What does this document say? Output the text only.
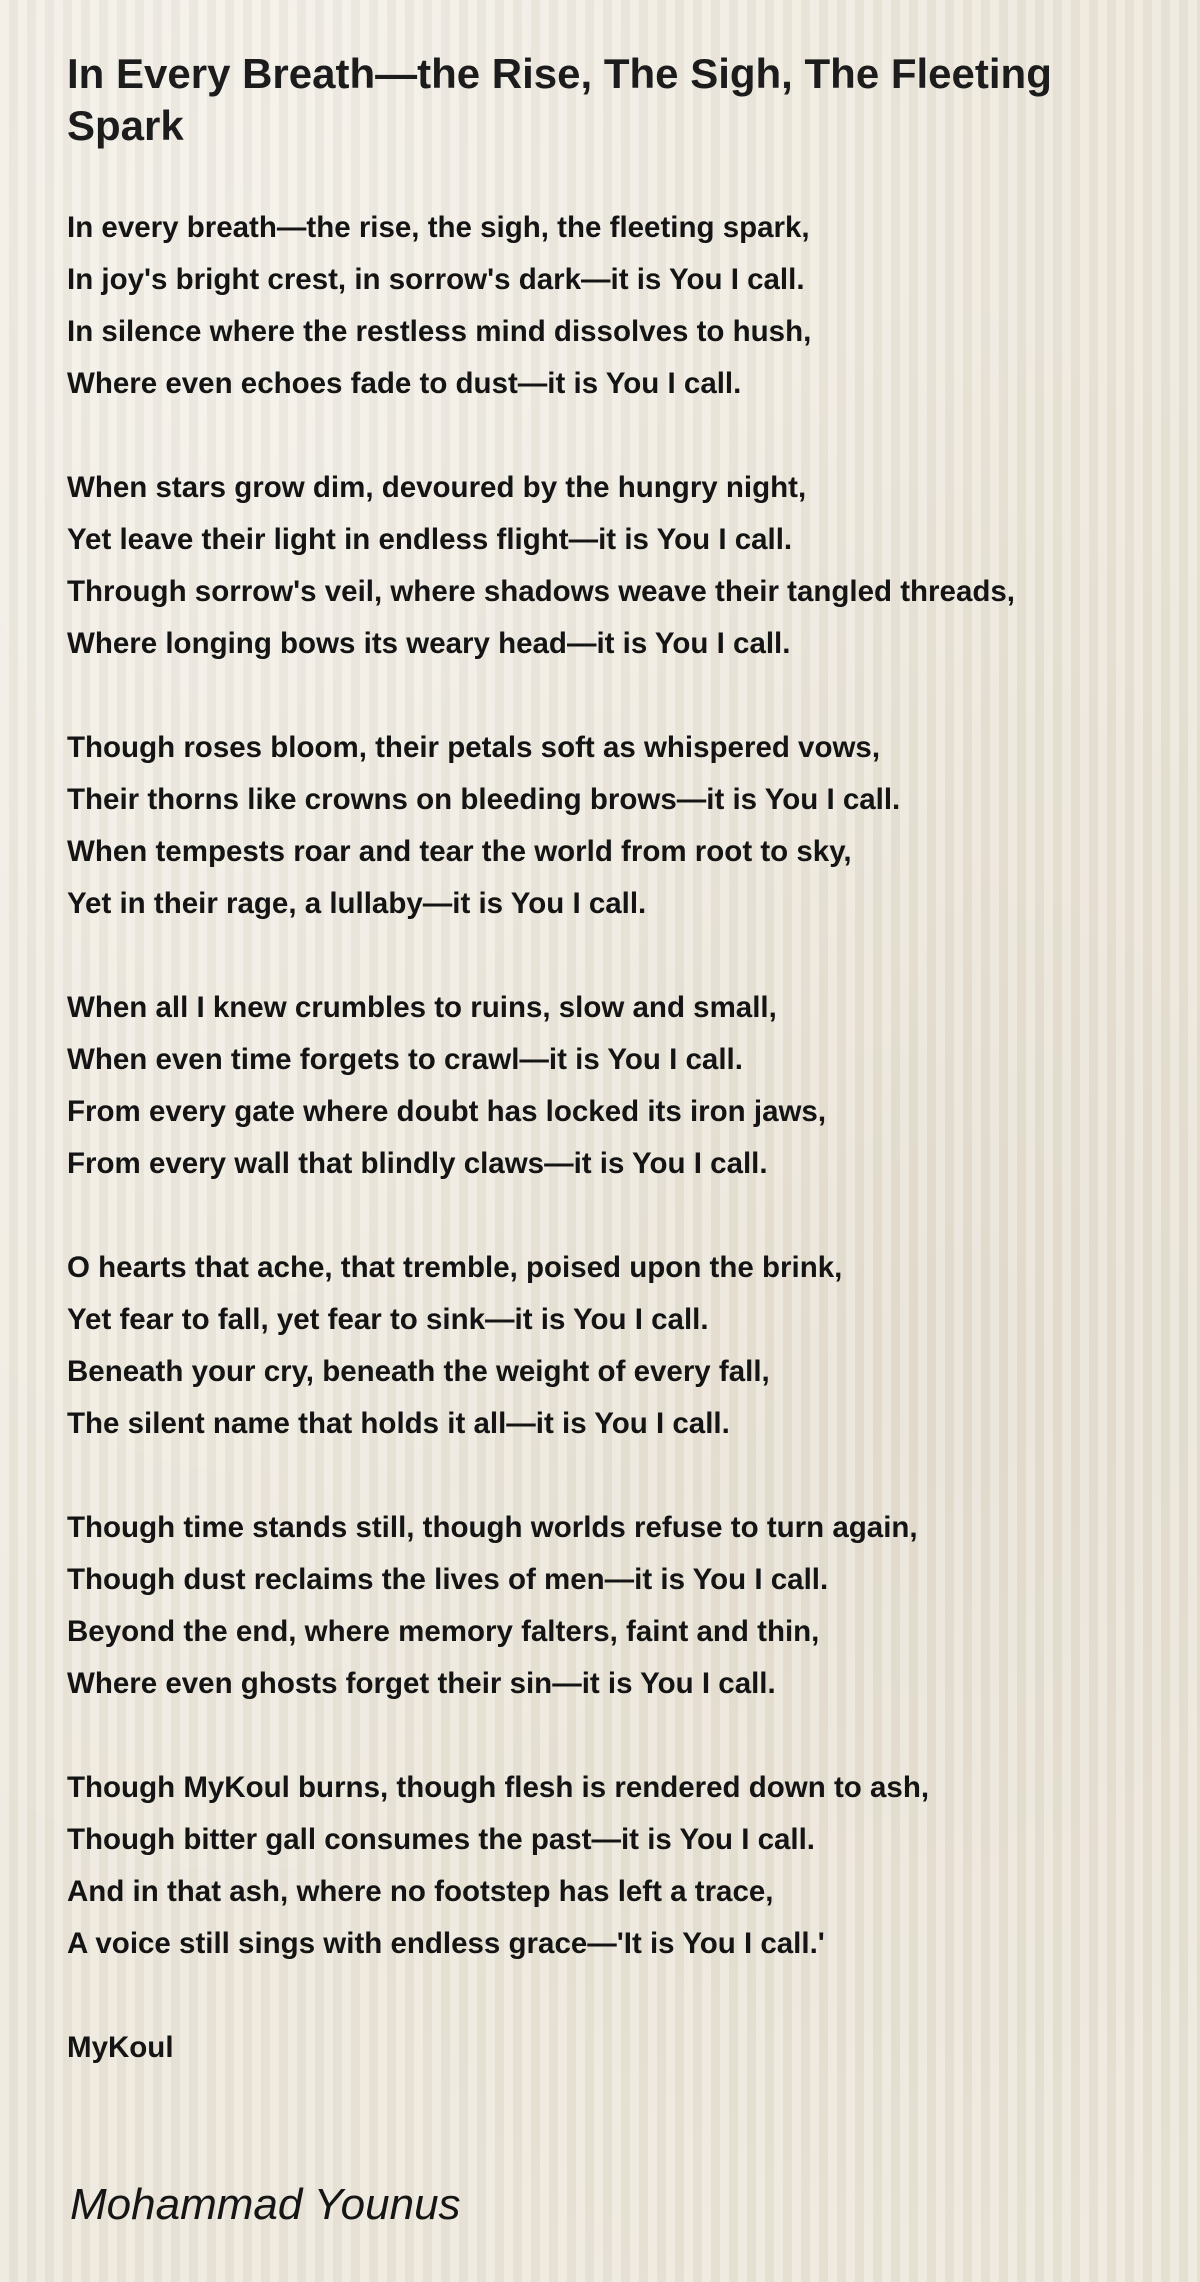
In Every Breath—the Rise, The Sigh, The Fleeting Spark
In every breath—the rise, the sigh, the fleeting spark,
In joy's bright crest, in sorrow's dark—it is You I call.
In silence where the restless mind dissolves to hush,
Where even echoes fade to dust—it is You I call.
When stars grow dim, devoured by the hungry night,
Yet leave their light in endless flight—it is You I call.
Through sorrow's veil, where shadows weave their tangled threads,
Where longing bows its weary head—it is You I call.
Though roses bloom, their petals soft as whispered vows,
Their thorns like crowns on bleeding brows—it is You I call.
When tempests roar and tear the world from root to sky,
Yet in their rage, a lullaby—it is You I call.
When all I knew crumbles to ruins, slow and small,
When even time forgets to crawl—it is You I call.
From every gate where doubt has locked its iron jaws,
From every wall that blindly claws—it is You I call.
O hearts that ache, that tremble, poised upon the brink,
Yet fear to fall, yet fear to sink—it is You I call.
Beneath your cry, beneath the weight of every fall,
The silent name that holds it all—it is You I call.
Though time stands still, though worlds refuse to turn again,
Though dust reclaims the lives of men—it is You I call.
Beyond the end, where memory falters, faint and thin,
Where even ghosts forget their sin—it is You I call.
Though MyKoul burns, though flesh is rendered down to ash,
Though bitter gall consumes the past—it is You I call.
And in that ash, where no footstep has left a trace,
A voice still sings with endless grace—'It is You I call.'
MyKoul
Mohammad Younus
